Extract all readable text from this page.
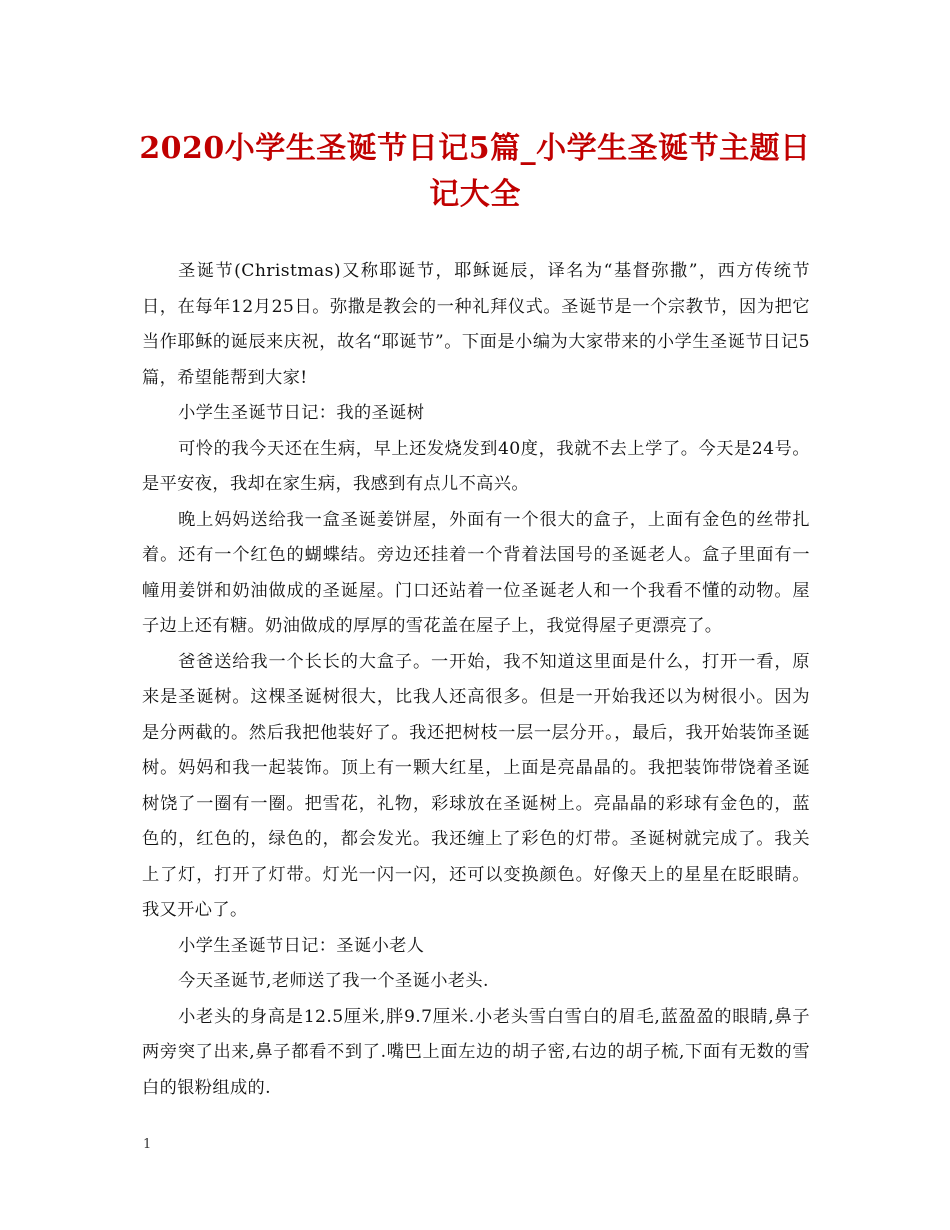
2020小学生圣诞节日记5篇_小学生圣诞节主题日记大全

圣诞节(Christmas)又称耶诞节，耶稣诞辰，译名为“基督弥撒”，西方传统节日，在每年12月25日。弥撒是教会的一种礼拜仪式。圣诞节是一个宗教节，因为把它当作耶稣的诞辰来庆祝，故名“耶诞节”。下面是小编为大家带来的小学生圣诞节日记5篇，希望能帮到大家!

小学生圣诞节日记：我的圣诞树

可怜的我今天还在生病，早上还发烧发到40度，我就不去上学了。今天是24号。是平安夜，我却在家生病，我感到有点儿不高兴。

晚上妈妈送给我一盒圣诞姜饼屋，外面有一个很大的盒子，上面有金色的丝带扎着。还有一个红色的蝴蝶结。旁边还挂着一个背着法国号的圣诞老人。盒子里面有一幢用姜饼和奶油做成的圣诞屋。门口还站着一位圣诞老人和一个我看不懂的动物。屋子边上还有糖。奶油做成的厚厚的雪花盖在屋子上，我觉得屋子更漂亮了。

爸爸送给我一个长长的大盒子。一开始，我不知道这里面是什么，打开一看，原来是圣诞树。这棵圣诞树很大，比我人还高很多。但是一开始我还以为树很小。因为是分两截的。然后我把他装好了。我还把树枝一层一层分开。，最后，我开始装饰圣诞树。妈妈和我一起装饰。顶上有一颗大红星，上面是亮晶晶的。我把装饰带饶着圣诞树饶了一圈有一圈。把雪花，礼物，彩球放在圣诞树上。亮晶晶的彩球有金色的，蓝色的，红色的，绿色的，都会发光。我还缠上了彩色的灯带。圣诞树就完成了。我关上了灯，打开了灯带。灯光一闪一闪，还可以变换颜色。好像天上的星星在眨眼睛。我又开心了。

小学生圣诞节日记：圣诞小老人

今天圣诞节,老师送了我一个圣诞小老头.

小老头的身高是12.5厘米,胖9.7厘米.小老头雪白雪白的眉毛,蓝盈盈的眼睛,鼻子两旁突了出来,鼻子都看不到了.嘴巴上面左边的胡子密,右边的胡子梳,下面有无数的雪白的银粉组成的.

1
